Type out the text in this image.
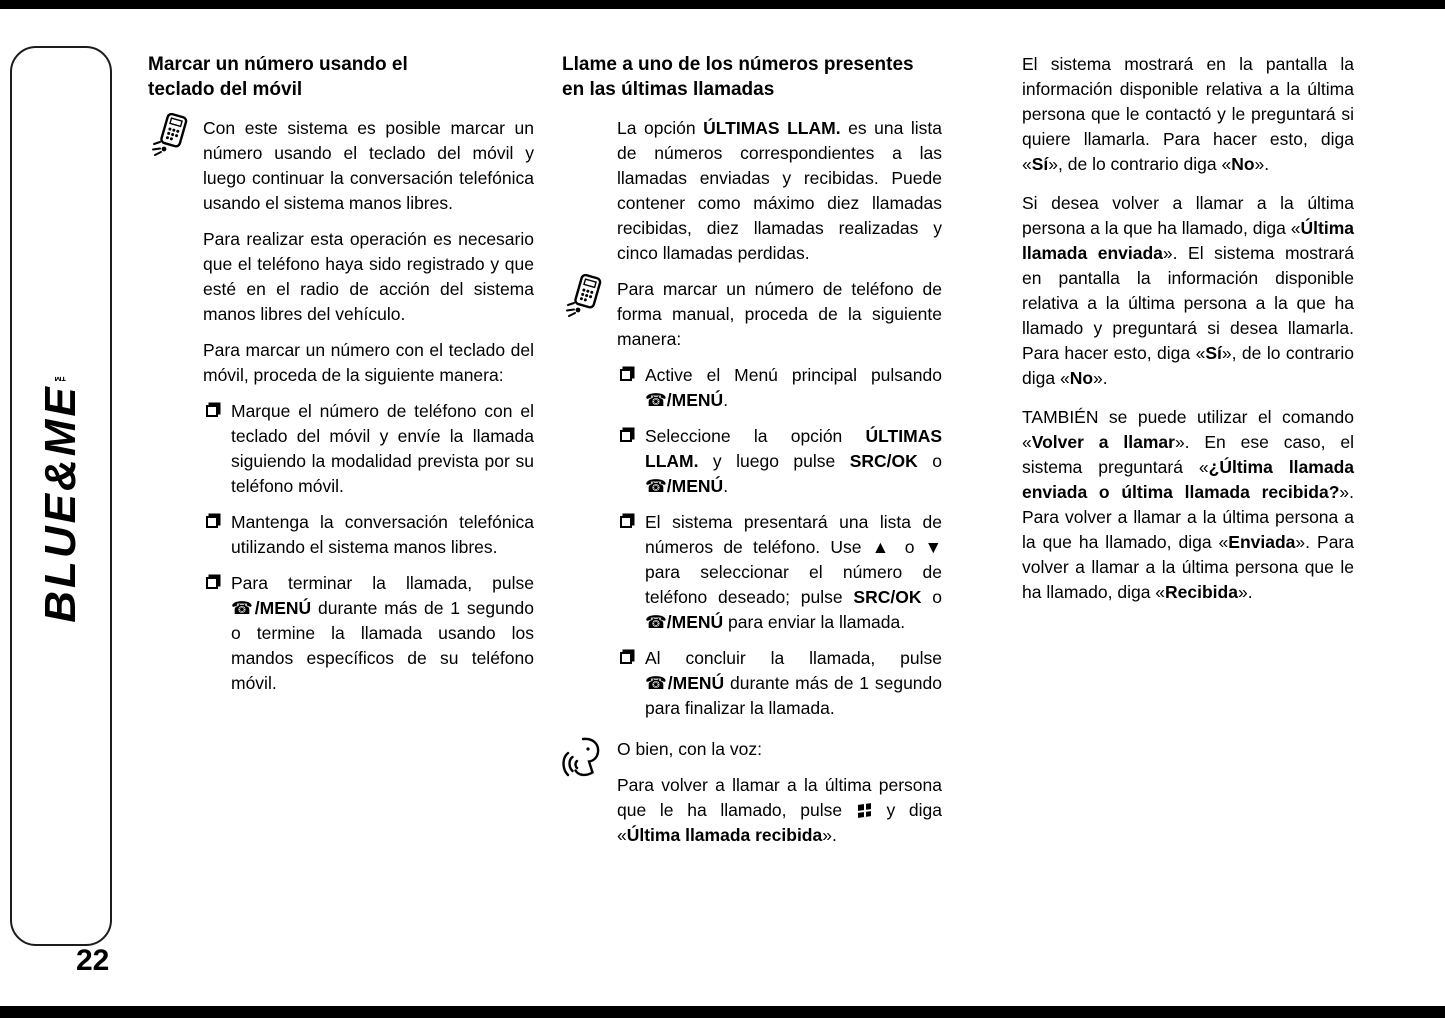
BLUE&ME™
22
Marcar un número usando el teclado del móvil

Con este sistema es posible marcar un número usando el teclado del móvil y luego continuar la conversación telefónica usando el sistema manos libres.

Para realizar esta operación es necesario que el teléfono haya sido registrado y que esté en el radio de acción del sistema manos libres del vehículo.

Para marcar un número con el teclado del móvil, proceda de la siguiente manera:

Marque el número de teléfono con el teclado del móvil y envíe la llamada siguiendo la modalidad prevista por su teléfono móvil.

Mantenga la conversación telefónica utilizando el sistema manos libres.

Para terminar la llamada, pulse ☎/MENÚ durante más de 1 segundo o termine la llamada usando los mandos específicos de su teléfono móvil.

Llame a uno de los números presentes en las últimas llamadas

La opción ÚLTIMAS LLAM. es una lista de números correspondientes a las llamadas enviadas y recibidas. Puede contener como máximo diez llamadas recibidas, diez llamadas realizadas y cinco llamadas perdidas.

Para marcar un número de teléfono de forma manual, proceda de la siguiente manera:

Active el Menú principal pulsando ☎/MENÚ.

Seleccione la opción ÚLTIMAS LLAM. y luego pulse SRC/OK o ☎/MENÚ.

El sistema presentará una lista de números de teléfono. Use ▲ o ▼ para seleccionar el número de teléfono deseado; pulse SRC/OK o ☎/MENÚ para enviar la llamada.

Al concluir la llamada, pulse ☎/MENÚ durante más de 1 segundo para finalizar la llamada.

O bien, con la voz:

Para volver a llamar a la última persona que le ha llamado, pulse  y diga «Última llamada recibida».

El sistema mostrará en la pantalla la información disponible relativa a la última persona que le contactó y le preguntará si quiere llamarla. Para hacer esto, diga «Sí», de lo contrario diga «No».

Si desea volver a llamar a la última persona a la que ha llamado, diga «Última llamada enviada». El sistema mostrará en pantalla la información disponible relativa a la última persona a la que ha llamado y preguntará si desea llamarla. Para hacer esto, diga «Sí», de lo contrario diga «No».

TAMBIÉN se puede utilizar el comando «Volver a llamar». En ese caso, el sistema preguntará «¿Última llamada enviada o última llamada recibida?». Para volver a llamar a la última persona a la que ha llamado, diga «Enviada». Para volver a llamar a la última persona que le ha llamado, diga «Recibida».
